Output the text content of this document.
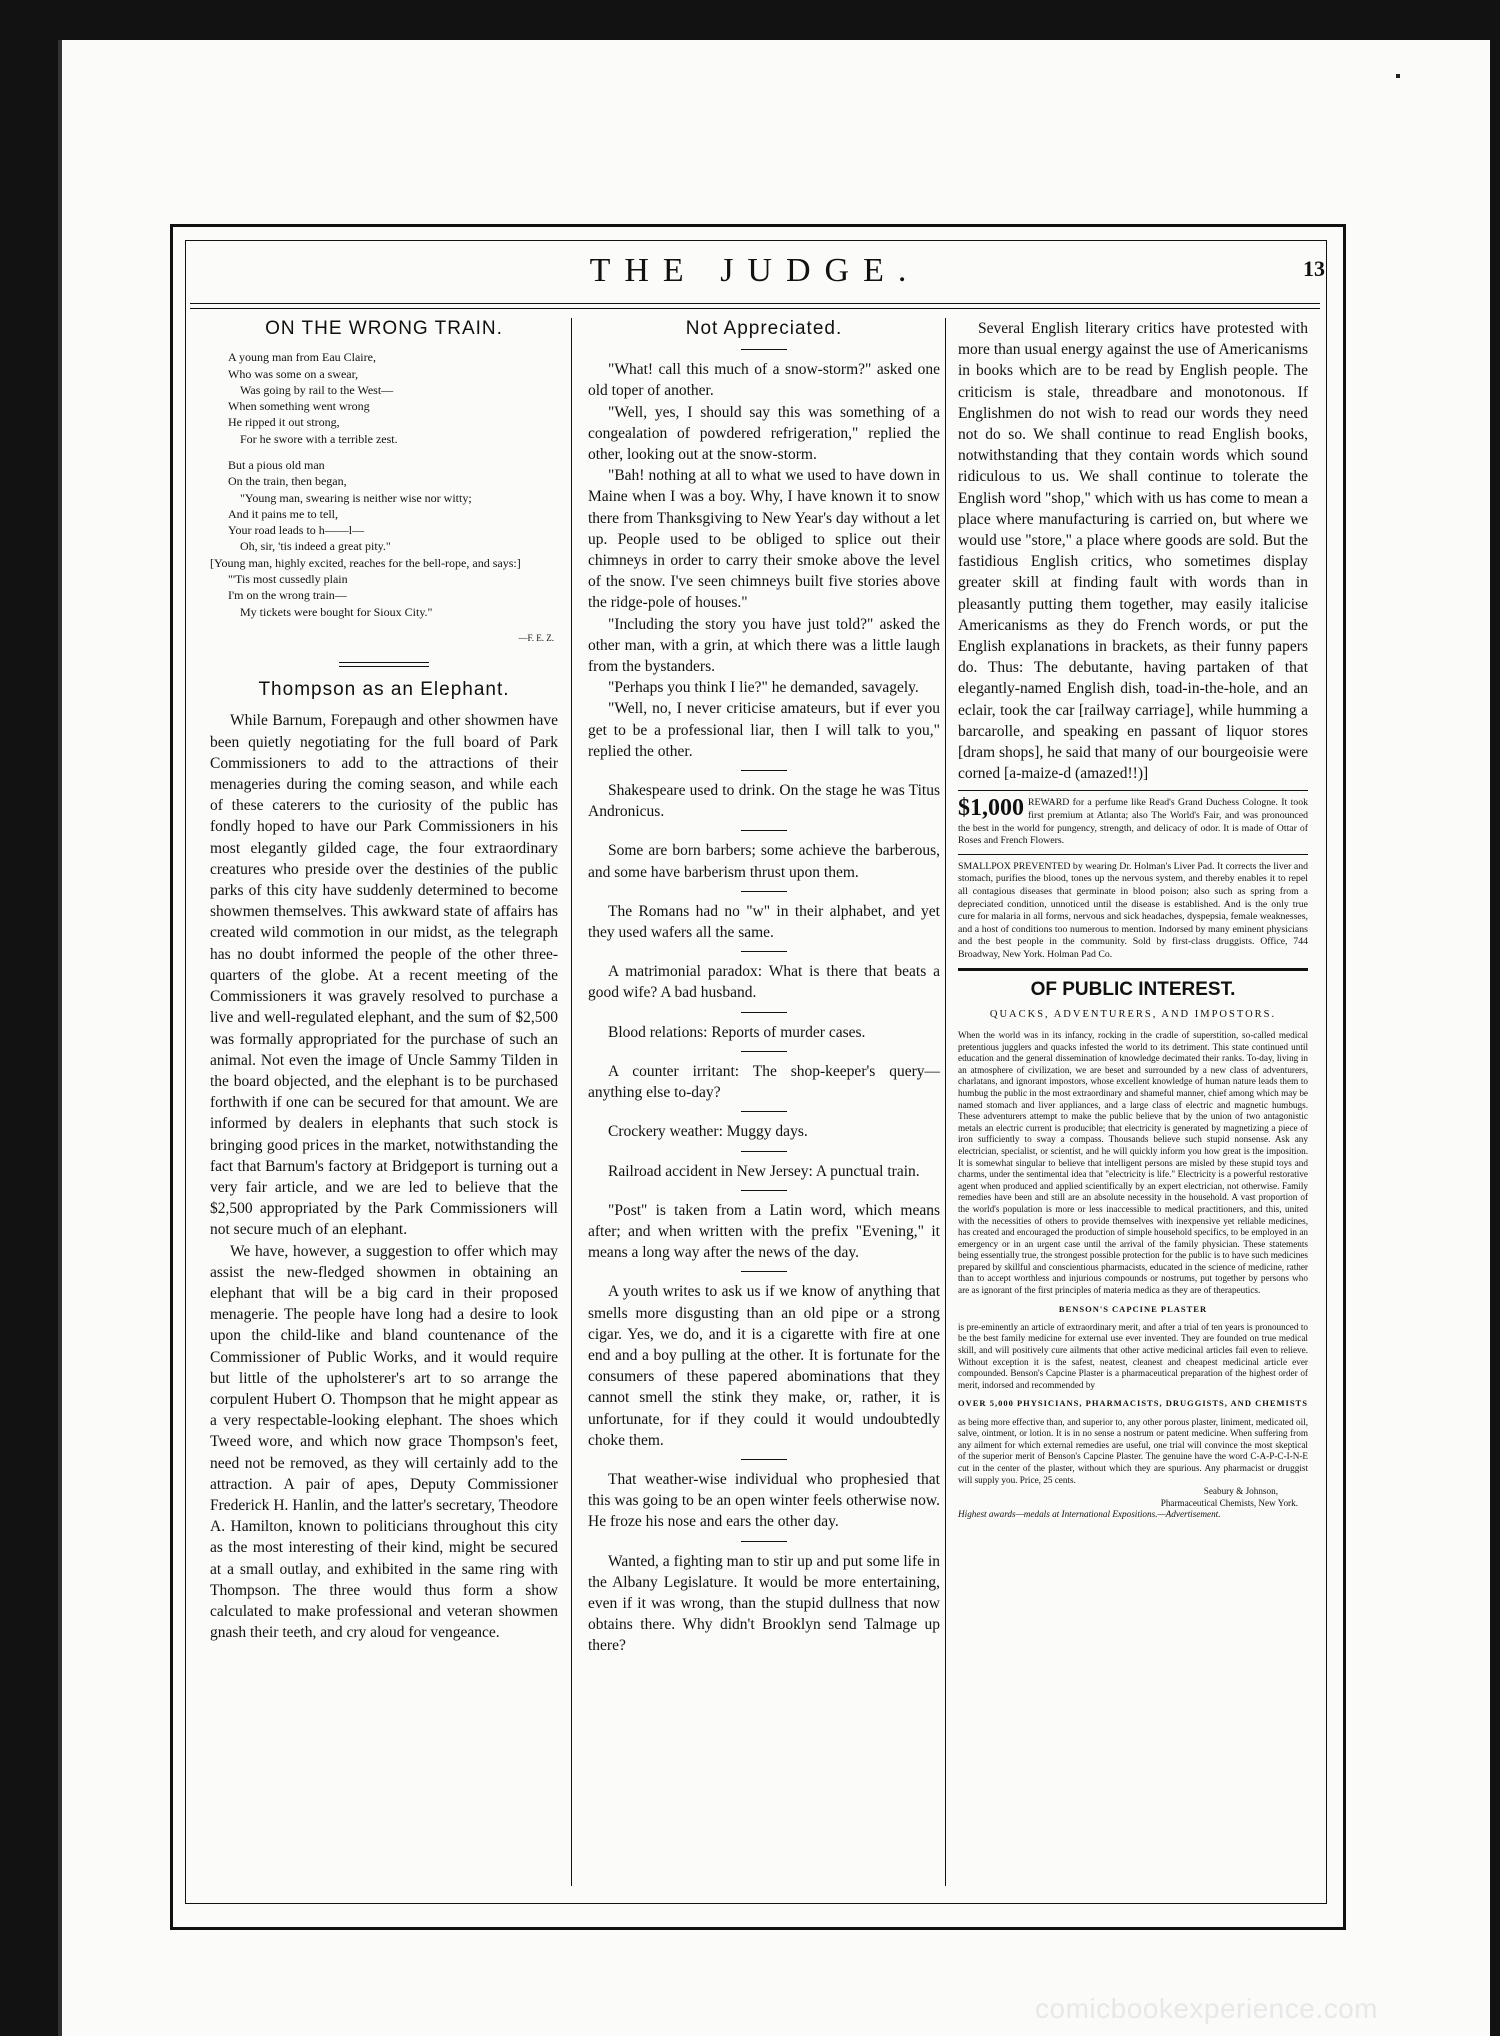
THE JUDGE.	13
ON THE WRONG TRAIN.

A young man from Eau Claire,

Who was some on a swear,

Was going by rail to the West—

When something went wrong

He ripped it out strong,

For he swore with a terrible zest.

But a pious old man

On the train, then began,

"Young man, swearing is neither wise nor witty;

And it pains me to tell,

Your road leads to h——l—

Oh, sir, 'tis indeed a great pity."

[Young man, highly excited, reaches for the bell-rope, and says:]

"'Tis most cussedly plain

I'm on the wrong train—

My tickets were bought for Sioux City."

—F. E. Z.
Thompson as an Elephant.

While Barnum, Forepaugh and other showmen have been quietly negotiating for the full board of Park Commissioners to add to the attractions of their menageries during the coming season, and while each of these caterers to the curiosity of the public has fondly hoped to have our Park Commissioners in his most elegantly gilded cage, the four extraordinary creatures who preside over the destinies of the public parks of this city have suddenly determined to become showmen themselves. This awkward state of affairs has created wild commotion in our midst, as the telegraph has no doubt informed the people of the other three-quarters of the globe. At a recent meeting of the Commissioners it was gravely resolved to purchase a live and well-regulated elephant, and the sum of $2,500 was formally appropriated for the purchase of such an animal. Not even the image of Uncle Sammy Tilden in the board objected, and the elephant is to be purchased forthwith if one can be secured for that amount. We are informed by dealers in elephants that such stock is bringing good prices in the market, notwithstanding the fact that Barnum's factory at Bridgeport is turning out a very fair article, and we are led to believe that the $2,500 appropriated by the Park Commissioners will not secure much of an elephant.

We have, however, a suggestion to offer which may assist the new-fledged showmen in obtaining an elephant that will be a big card in their proposed menagerie. The people have long had a desire to look upon the child-like and bland countenance of the Commissioner of Public Works, and it would require but little of the upholsterer's art to so arrange the corpulent Hubert O. Thompson that he might appear as a very respectable-looking elephant. The shoes which Tweed wore, and which now grace Thompson's feet, need not be removed, as they will certainly add to the attraction. A pair of apes, Deputy Commissioner Frederick H. Hanlin, and the latter's secretary, Theodore A. Hamilton, known to politicians throughout this city as the most interesting of their kind, might be secured at a small outlay, and exhibited in the same ring with Thompson. The three would thus form a show calculated to make professional and veteran showmen gnash their teeth, and cry aloud for vengeance.

Not Appreciated.

"What! call this much of a snow-storm?" asked one old toper of another.

"Well, yes, I should say this was something of a congealation of powdered refrigeration," replied the other, looking out at the snow-storm.

"Bah! nothing at all to what we used to have down in Maine when I was a boy. Why, I have known it to snow there from Thanksgiving to New Year's day without a let up. People used to be obliged to splice out their chimneys in order to carry their smoke above the level of the snow. I've seen chimneys built five stories above the ridge-pole of houses."

"Including the story you have just told?" asked the other man, with a grin, at which there was a little laugh from the bystanders.

"Perhaps you think I lie?" he demanded, savagely.

"Well, no, I never criticise amateurs, but if ever you get to be a professional liar, then I will talk to you," replied the other.

Shakespeare used to drink. On the stage he was Titus Andronicus.

Some are born barbers; some achieve the barberous, and some have barberism thrust upon them.

The Romans had no "w" in their alphabet, and yet they used wafers all the same.

A matrimonial paradox: What is there that beats a good wife? A bad husband.

Blood relations: Reports of murder cases.

A counter irritant: The shop-keeper's query—anything else to-day?

Crockery weather: Muggy days.

Railroad accident in New Jersey: A punctual train.

"Post" is taken from a Latin word, which means after; and when written with the prefix "Evening," it means a long way after the news of the day.

A youth writes to ask us if we know of anything that smells more disgusting than an old pipe or a strong cigar. Yes, we do, and it is a cigarette with fire at one end and a boy pulling at the other. It is fortunate for the consumers of these papered abominations that they cannot smell the stink they make, or, rather, it is unfortunate, for if they could it would undoubtedly choke them.

That weather-wise individual who prophesied that this was going to be an open winter feels otherwise now. He froze his nose and ears the other day.

Wanted, a fighting man to stir up and put some life in the Albany Legislature. It would be more entertaining, even if it was wrong, than the stupid dullness that now obtains there. Why didn't Brooklyn send Talmage up there?

Several English literary critics have protested with more than usual energy against the use of Americanisms in books which are to be read by English people. The criticism is stale, threadbare and monotonous. If Englishmen do not wish to read our words they need not do so. We shall continue to read English books, notwithstanding that they contain words which sound ridiculous to us. We shall continue to tolerate the English word "shop," which with us has come to mean a place where manufacturing is carried on, but where we would use "store," a place where goods are sold. But the fastidious English critics, who sometimes display greater skill at finding fault with words than in pleasantly putting them together, may easily italicise Americanisms as they do French words, or put the English explanations in brackets, as their funny papers do. Thus: The debutante, having partaken of that elegantly-named English dish, toad-in-the-hole, and an eclair, took the car [railway carriage], while humming a barcarolle, and speaking en passant of liquor stores [dram shops], he said that many of our bourgeoisie were corned [a-maize-d (amazed!!)]

$1,000 REWARD for a perfume like Read's Grand Duchess Cologne. It took first premium at Atlanta; also The World's Fair, and was pronounced the best in the world for pungency, strength, and delicacy of odor. It is made of Ottar of Roses and French Flowers.
SMALLPOX PREVENTED by wearing Dr. Holman's Liver Pad. It corrects the liver and stomach, purifies the blood, tones up the nervous system, and thereby enables it to repel all contagious diseases that germinate in blood poison; also such as spring from a depreciated condition, unnoticed until the disease is established. And is the only true cure for malaria in all forms, nervous and sick headaches, dyspepsia, female weaknesses, and a host of conditions too numerous to mention. Indorsed by many eminent physicians and the best people in the community. Sold by first-class druggists. Office, 744 Broadway, New York. Holman Pad Co.
OF PUBLIC INTEREST.
QUACKS, ADVENTURERS, AND IMPOSTORS.
When the world was in its infancy, rocking in the cradle of superstition, so-called medical pretentious jugglers and quacks infested the world to its detriment. This state continued until education and the general dissemination of knowledge decimated their ranks. To-day, living in an atmosphere of civilization, we are beset and surrounded by a new class of adventurers, charlatans, and ignorant impostors, whose excellent knowledge of human nature leads them to humbug the public in the most extraordinary and shameful manner, chief among which may be named stomach and liver appliances, and a large class of electric and magnetic humbugs. These adventurers attempt to make the public believe that by the union of two antagonistic metals an electric current is producible; that electricity is generated by magnetizing a piece of iron sufficiently to sway a compass. Thousands believe such stupid nonsense. Ask any electrician, specialist, or scientist, and he will quickly inform you how great is the imposition. It is somewhat singular to believe that intelligent persons are misled by these stupid toys and charms, under the sentimental idea that "electricity is life." Electricity is a powerful restorative agent when produced and applied scientifically by an expert electrician, not otherwise. Family remedies have been and still are an absolute necessity in the household. A vast proportion of the world's population is more or less inaccessible to medical practitioners, and this, united with the necessities of others to provide themselves with inexpensive yet reliable medicines, has created and encouraged the production of simple household specifics, to be employed in an emergency or in an urgent case until the arrival of the family physician. These statements being essentially true, the strongest possible protection for the public is to have such medicines prepared by skillful and conscientious pharmacists, educated in the science of medicine, rather than to accept worthless and injurious compounds or nostrums, put together by persons who are as ignorant of the first principles of materia medica as they are of therapeutics.
BENSON'S CAPCINE PLASTER
is pre-eminently an article of extraordinary merit, and after a trial of ten years is pronounced to be the best family medicine for external use ever invented. They are founded on true medical skill, and will positively cure ailments that other active medicinal articles fail even to relieve. Without exception it is the safest, neatest, cleanest and cheapest medicinal article ever compounded. Benson's Capcine Plaster is a pharmaceutical preparation of the highest order of merit, indorsed and recommended by
OVER 5,000 PHYSICIANS, PHARMACISTS, DRUGGISTS, AND CHEMISTS
as being more effective than, and superior to, any other porous plaster, liniment, medicated oil, salve, ointment, or lotion. It is in no sense a nostrum or patent medicine. When suffering from any ailment for which external remedies are useful, one trial will convince the most skeptical of the superior merit of Benson's Capcine Plaster. The genuine have the word C-A-P-C-I-N-E cut in the center of the plaster, without which they are spurious. Any pharmacist or druggist will supply you. Price, 25 cents.
Seabury & Johnson,
Pharmaceutical Chemists, New York.
Highest awards—medals at International Expositions.—Advertisement.
comicbookexperience.com
